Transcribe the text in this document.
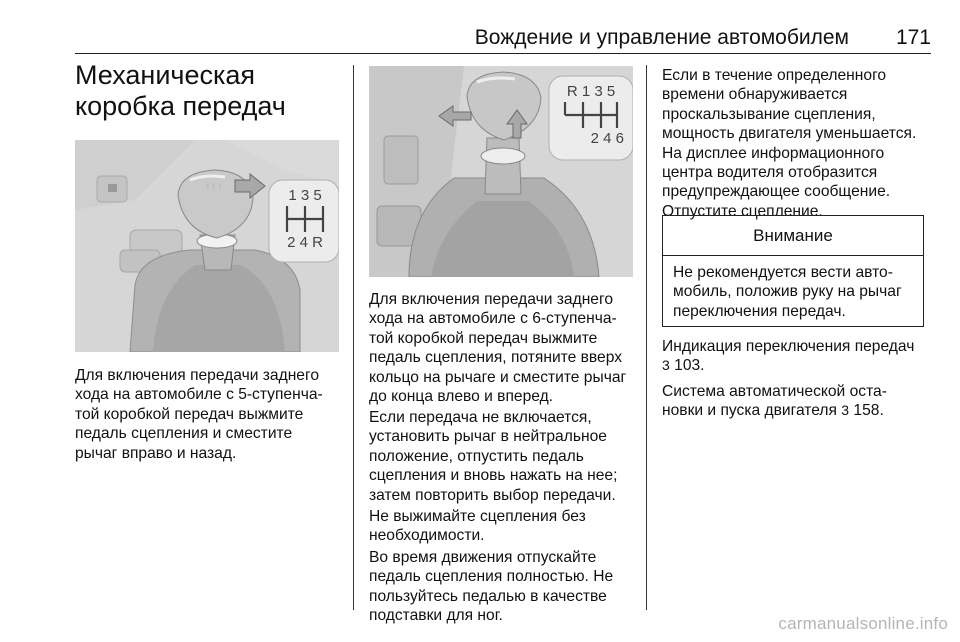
Вождение и управление автомобилем 171
Механическая
коробка передач
⋮⋮⋮
1 3 5
2 4 R

Для включения передачи заднего
хода на автомобиле с 5-ступенча-
той коробкой передач выжмите
педаль сцепления и сместите
рычаг вправо и назад.

R 1 3 5
2 4 6

Для включения передачи заднего
хода на автомобиле с 6-ступенча-
той коробкой передач выжмите
педаль сцепления, потяните вверх
кольцо на рычаге и сместите рычаг
до конца влево и вперед.

Если передача не включается,
установить рычаг в нейтральное
положение, отпустить педаль
сцепления и вновь нажать на нее;
затем повторить выбор передачи.

Не выжимайте сцепления без
необходимости.

Во время движения отпускайте
педаль сцепления полностью. Не
пользуйтесь педалью в качестве
подставки для ног.

Если в течение определенного
времени обнаруживается
проскальзывание сцепления,
мощность двигателя уменьшается.
На дисплее информационного
центра водителя отобразится
предупреждающее сообщение.
Отпустите сцепление.

Внимание
Не рекомендуется вести авто-
мобиль, положив руку на рычаг
переключения передач.

Индикация переключения передач
3 103.

Система автоматической оста-
новки и пуска двигателя 3 158.

carmanualsonline.info
